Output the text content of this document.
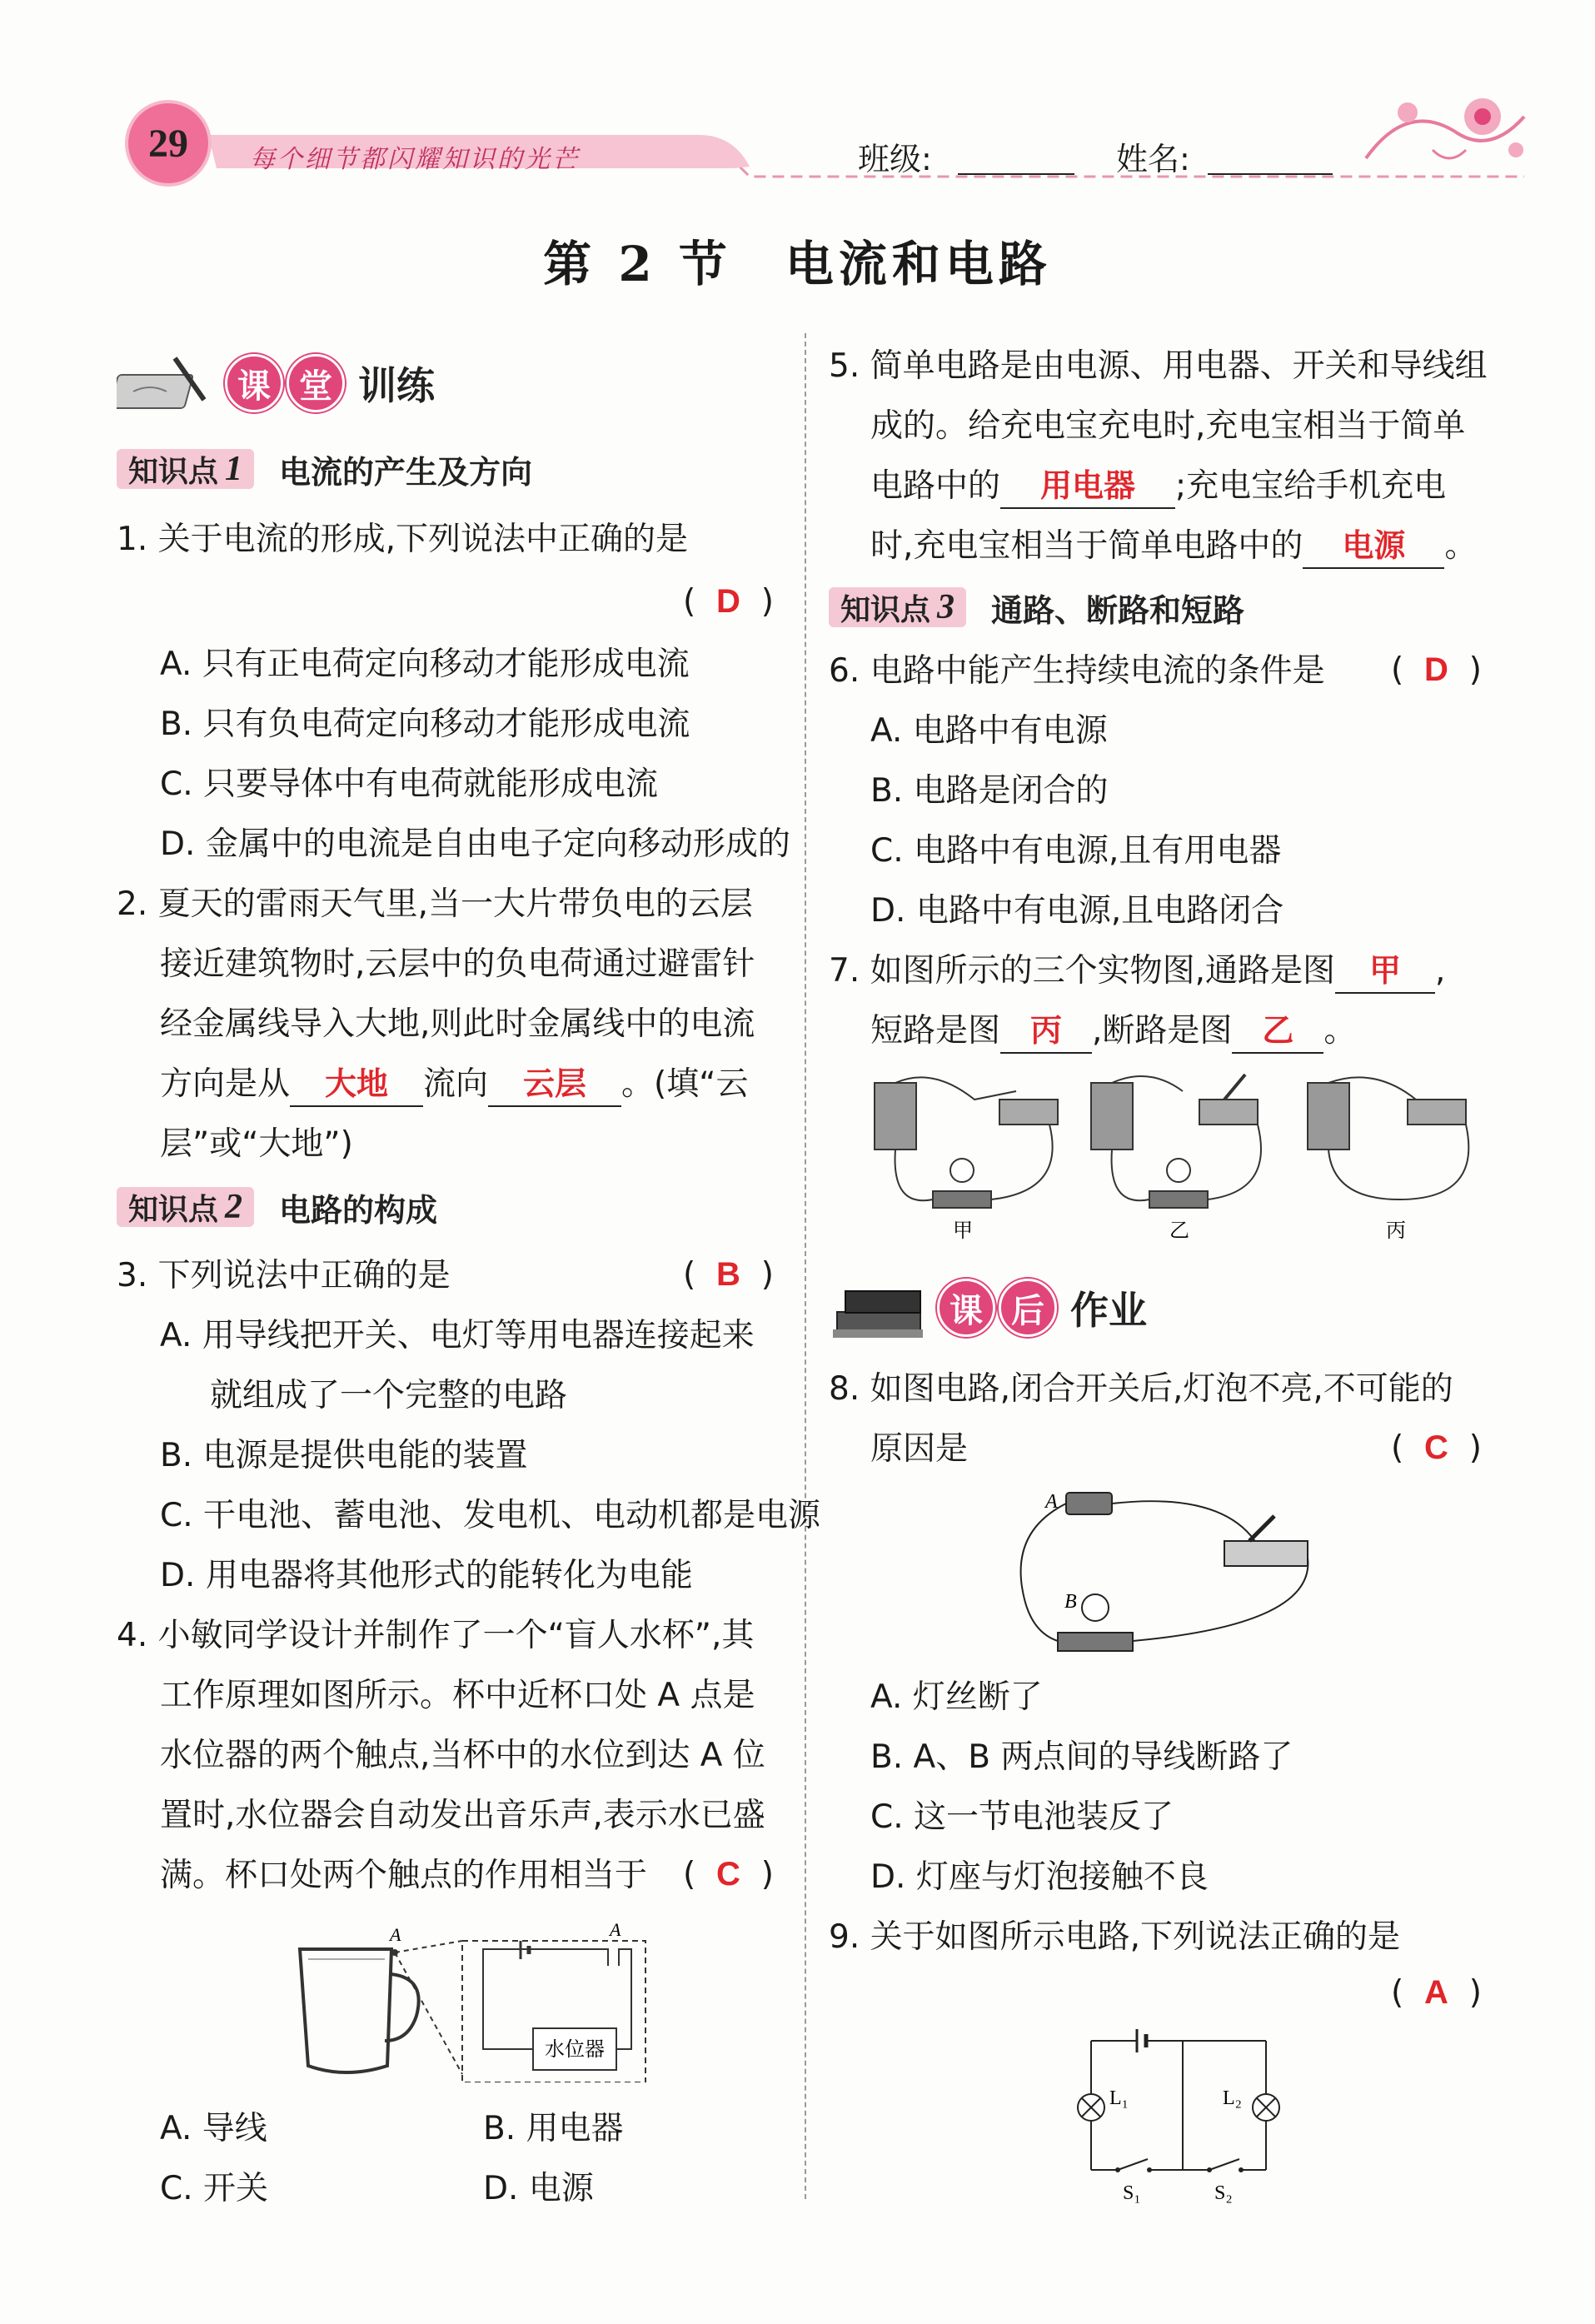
29 每个细节都闪耀知识的光芒	班级:	姓名:
第 2 节　电流和电路
课 堂 训练
知识点 1 电流的产生及方向
1. 关于电流的形成,下列说法中正确的是
(  D  )
A. 只有正电荷定向移动才能形成电流
B. 只有负电荷定向移动才能形成电流
C. 只要导体中有电荷就能形成电流
D. 金属中的电流是自由电子定向移动形成的
2. 夏天的雷雨天气里,当一大片带负电的云层
接近建筑物时,云层中的负电荷通过避雷针
经金属线导入大地,则此时金属线中的电流
方向是从 大地 流向 云层 。(填“云
层”或“大地”)
知识点 2 电路的构成
3. 下列说法中正确的是	(  B  )
A. 用导线把开关、电灯等用电器连接起来
就组成了一个完整的电路
B. 电源是提供电能的装置
C. 干电池、蓄电池、发电机、电动机都是电源
D. 用电器将其他形式的能转化为电能
4. 小敏同学设计并制作了一个“盲人水杯”,其
工作原理如图所示。杯中近杯口处 A 点是
水位器的两个触点,当杯中的水位到达 A 位
置时,水位器会自动发出音乐声,表示水已盛
满。杯口处两个触点的作用相当于 (  C  )
A	A
水位器
A. 导线	B. 用电器
C. 开关	D. 电源
5. 简单电路是由电源、用电器、开关和导线组
成的。给充电宝充电时,充电宝相当于简单
电路中的 用电器 ;充电宝给手机充电
时,充电宝相当于简单电路中的 电源 。
知识点 3 通路、断路和短路
6. 电路中能产生持续电流的条件是 (  D  )
A. 电路中有电源
B. 电路是闭合的
C. 电路中有电源,且有用电器
D. 电路中有电源,且电路闭合
7. 如图所示的三个实物图,通路是图 甲 ,
短路是图 丙 ,断路是图 乙 。
甲	乙	丙
课 后 作业
8. 如图电路,闭合开关后,灯泡不亮,不可能的
原因是	(  C  )
A
B
A. 灯丝断了
B. A、B 两点间的导线断路了
C. 这一节电池装反了
D. 灯座与灯泡接触不良
9. 关于如图所示电路,下列说法正确的是
(  A  )
L₁	L₂
S₁	S₂
